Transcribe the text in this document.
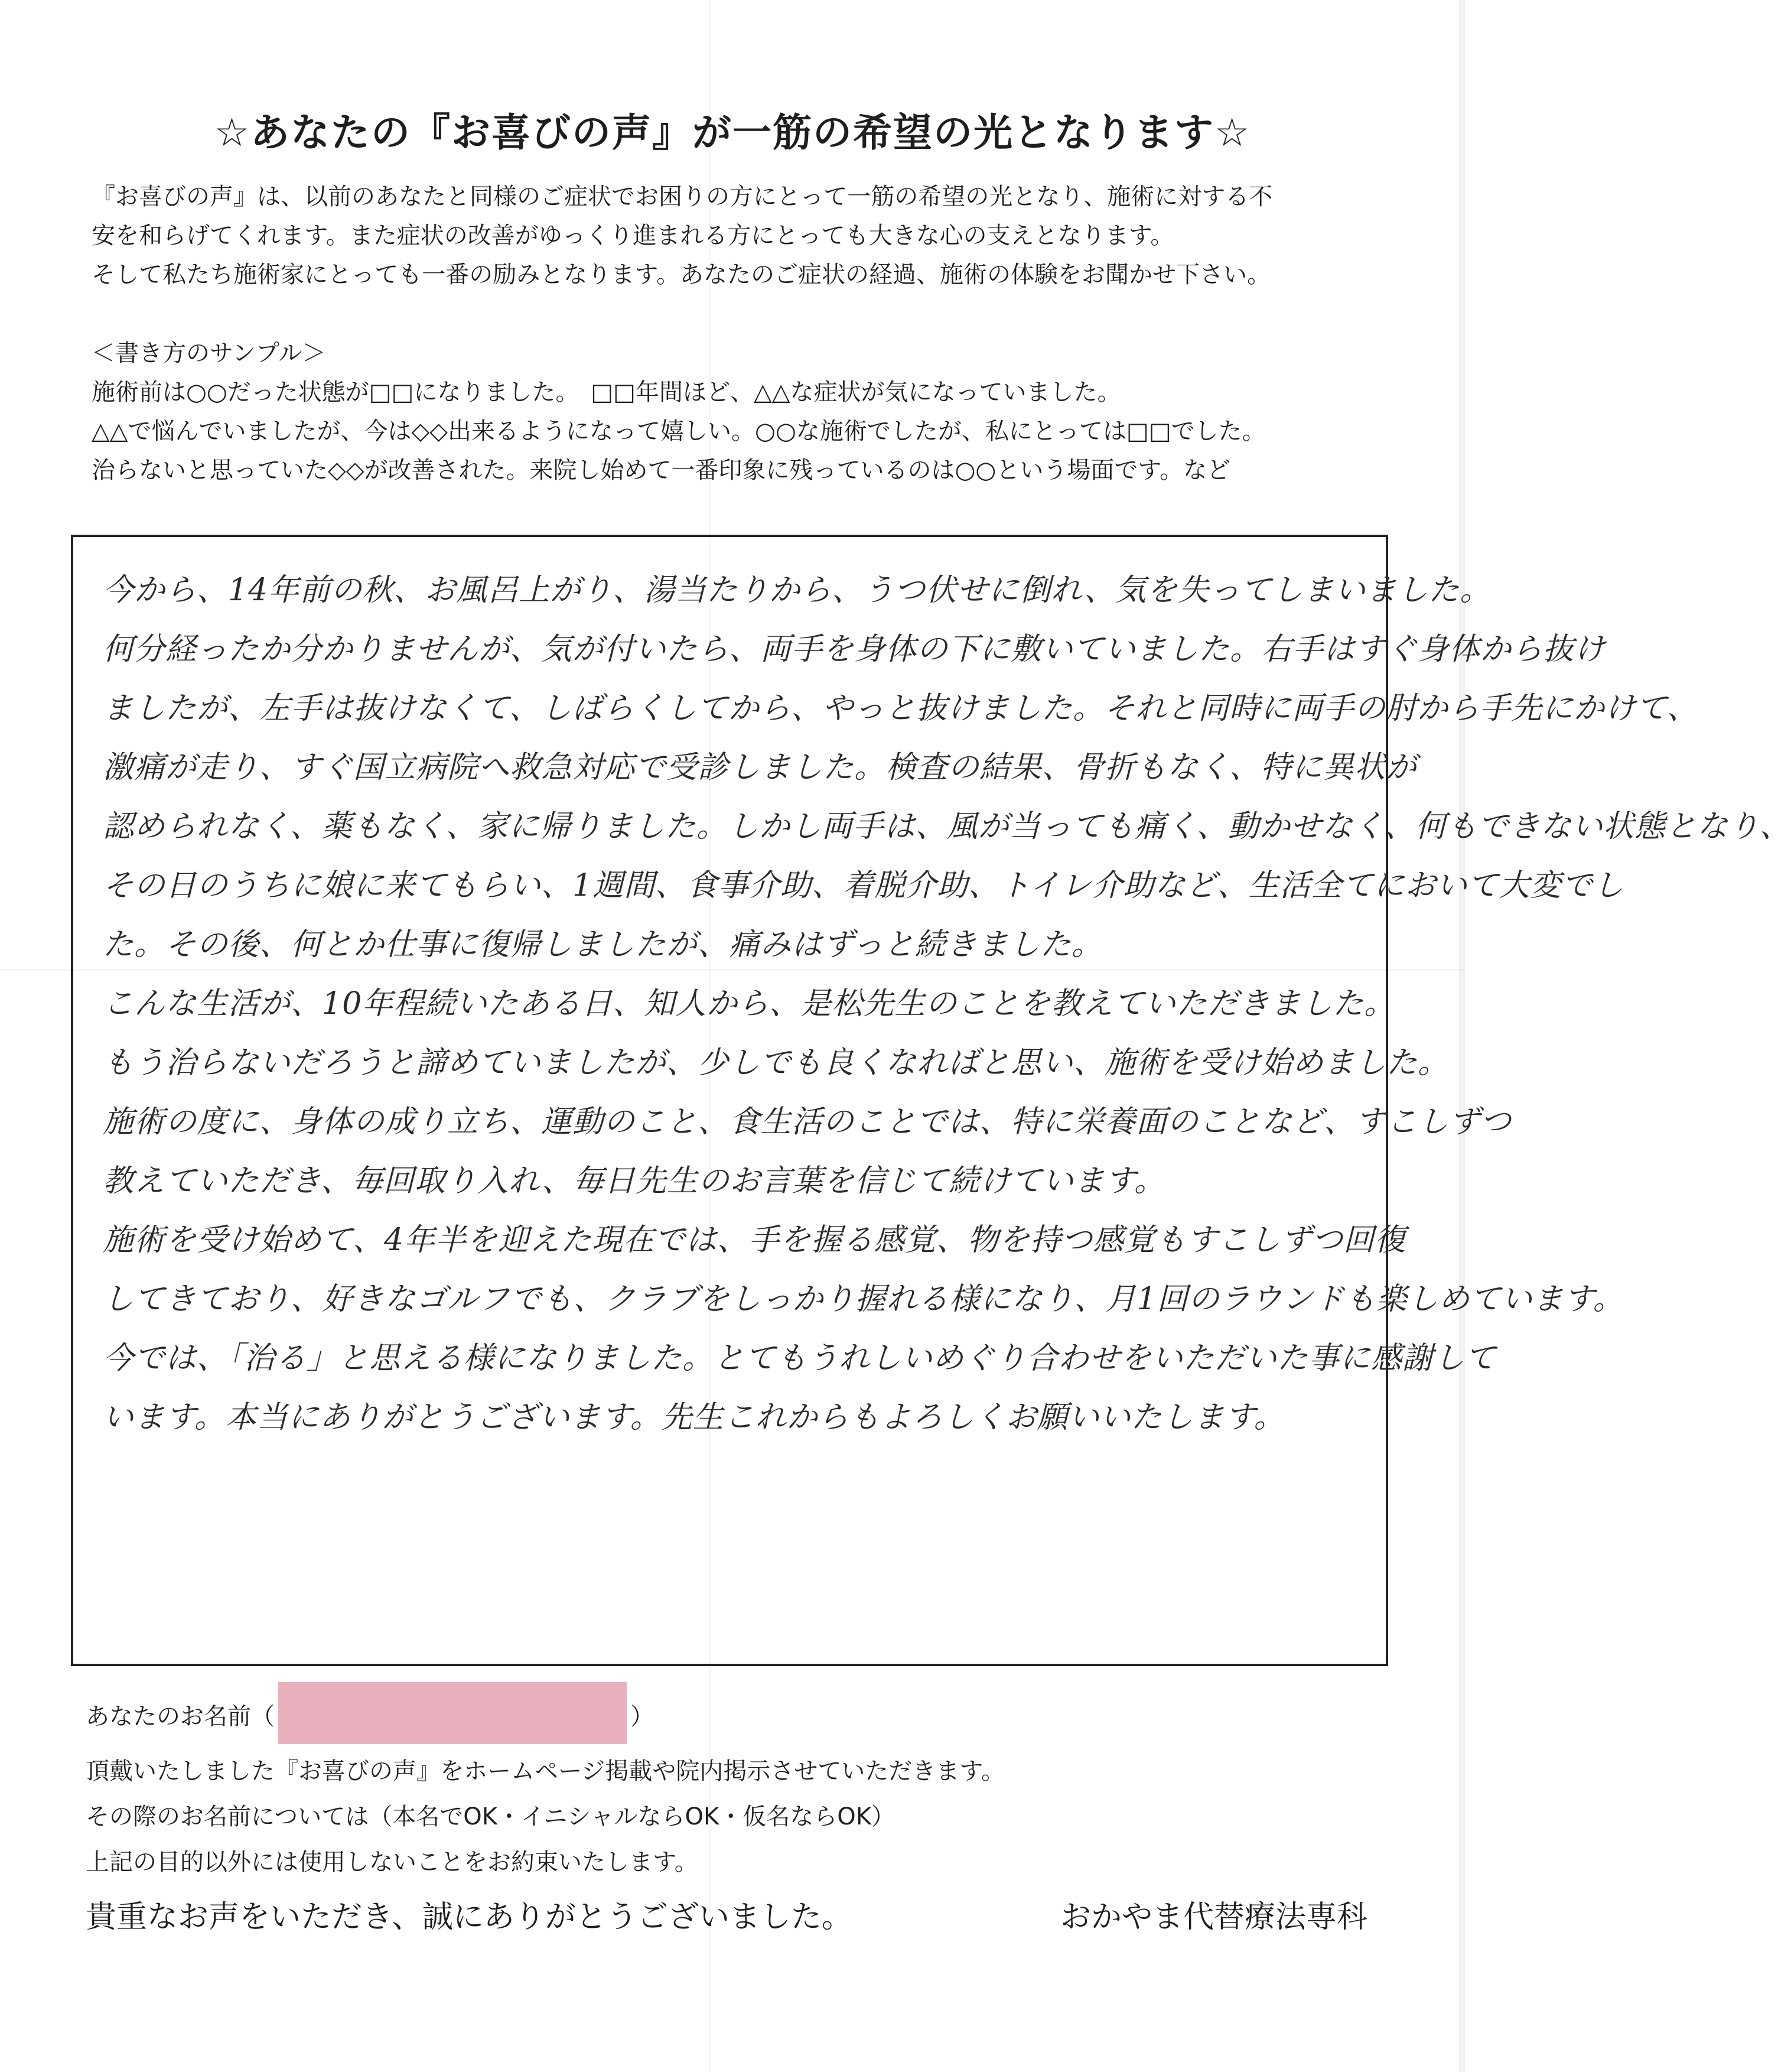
☆あなたの『お喜びの声』が一筋の希望の光となります☆
『お喜びの声』は、以前のあなたと同様のご症状でお困りの方にとって一筋の希望の光となり、施術に対する不
安を和らげてくれます。また症状の改善がゆっくり進まれる方にとっても大きな心の支えとなります。
そして私たち施術家にとっても一番の励みとなります。あなたのご症状の経過、施術の体験をお聞かせ下さい。
＜書き方のサンプル＞
施術前は○○だった状態が□□になりました。　□□年間ほど、△△な症状が気になっていました。
△△で悩んでいましたが、今は◇◇出来るようになって嬉しい。○○な施術でしたが、私にとっては□□でした。
治らないと思っていた◇◇が改善された。来院し始めて一番印象に残っているのは○○という場面です。など
今から、14年前の秋、お風呂上がり、湯当たりから、うつ伏せに倒れ、気を失ってしまいました。
何分経ったか分かりませんが、気が付いたら、両手を身体の下に敷いていました。右手はすぐ身体から抜け
ましたが、左手は抜けなくて、しばらくしてから、やっと抜けました。それと同時に両手の肘から手先にかけて、
激痛が走り、すぐ国立病院へ救急対応で受診しました。検査の結果、骨折もなく、特に異状が
認められなく、薬もなく、家に帰りました。しかし両手は、風が当っても痛く、動かせなく、何もできない状態となり、
その日のうちに娘に来てもらい、1週間、食事介助、着脱介助、トイレ介助など、生活全てにおいて大変でし
た。その後、何とか仕事に復帰しましたが、痛みはずっと続きました。
こんな生活が、10年程続いたある日、知人から、是松先生のことを教えていただきました。
もう治らないだろうと諦めていましたが、少しでも良くなればと思い、施術を受け始めました。
施術の度に、身体の成り立ち、運動のこと、食生活のことでは、特に栄養面のことなど、すこしずつ
教えていただき、毎回取り入れ、毎日先生のお言葉を信じて続けています。
施術を受け始めて、4年半を迎えた現在では、手を握る感覚、物を持つ感覚もすこしずつ回復
してきており、好きなゴルフでも、クラブをしっかり握れる様になり、月1回のラウンドも楽しめています。
今では、「治る」と思える様になりました。とてもうれしいめぐり合わせをいただいた事に感謝して
います。本当にありがとうございます。先生これからもよろしくお願いいたします。
あなたのお名前（	）
頂戴いたしました『お喜びの声』をホームページ掲載や院内掲示させていただきます。
その際のお名前については（本名でOK・イニシャルならOK・仮名ならOK）
上記の目的以外には使用しないことをお約束いたします。
貴重なお声をいただき、誠にありがとうございました。	おかやま代替療法専科
